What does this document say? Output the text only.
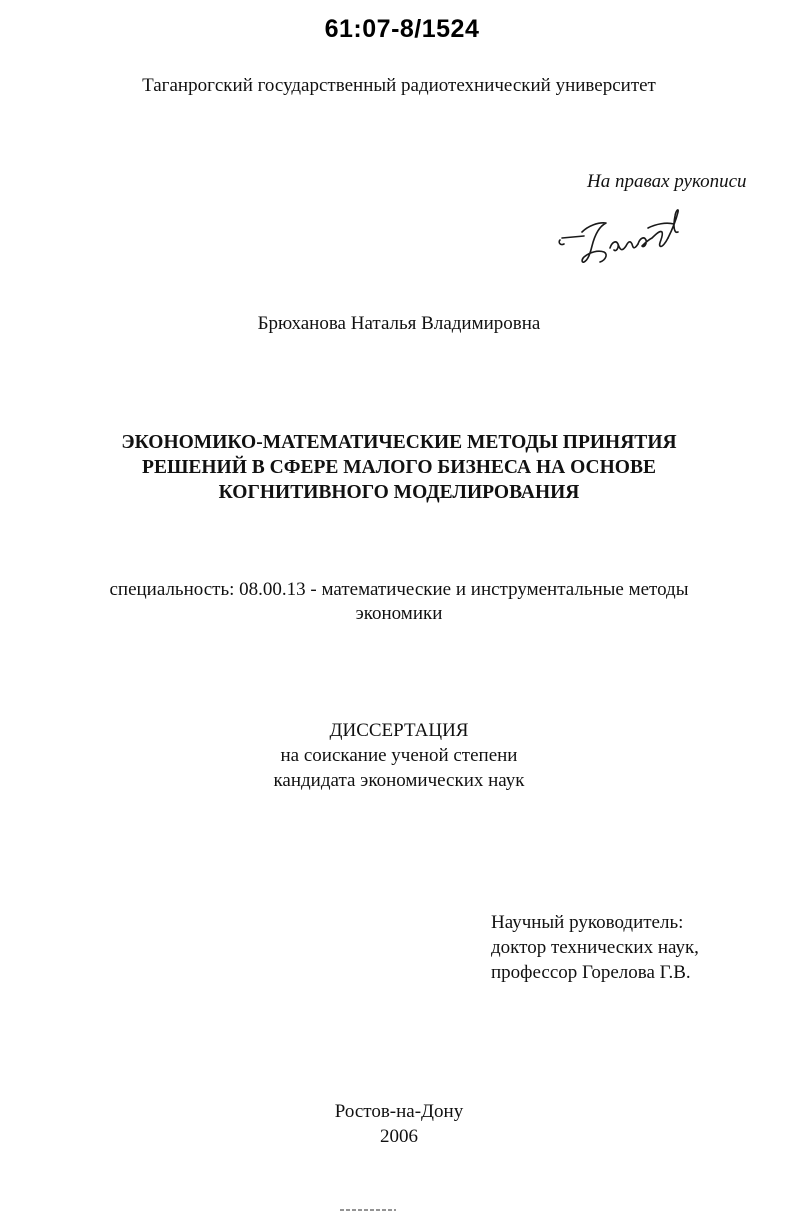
61:07-8/1524
Таганрогский государственный радиотехнический университет
На правах рукописи
Брюханова Наталья Владимировна
ЭКОНОМИКО-МАТЕМАТИЧЕСКИЕ МЕТОДЫ ПРИНЯТИЯ
РЕШЕНИЙ В СФЕРЕ МАЛОГО БИЗНЕСА НА ОСНОВЕ
КОГНИТИВНОГО МОДЕЛИРОВАНИЯ
специальность: 08.00.13 - математические и инструментальные методы
экономики
ДИССЕРТАЦИЯ
на соискание ученой степени
кандидата экономических наук
Научный руководитель:
доктор технических наук,
профессор Горелова Г.В.
Ростов-на-Дону
2006
